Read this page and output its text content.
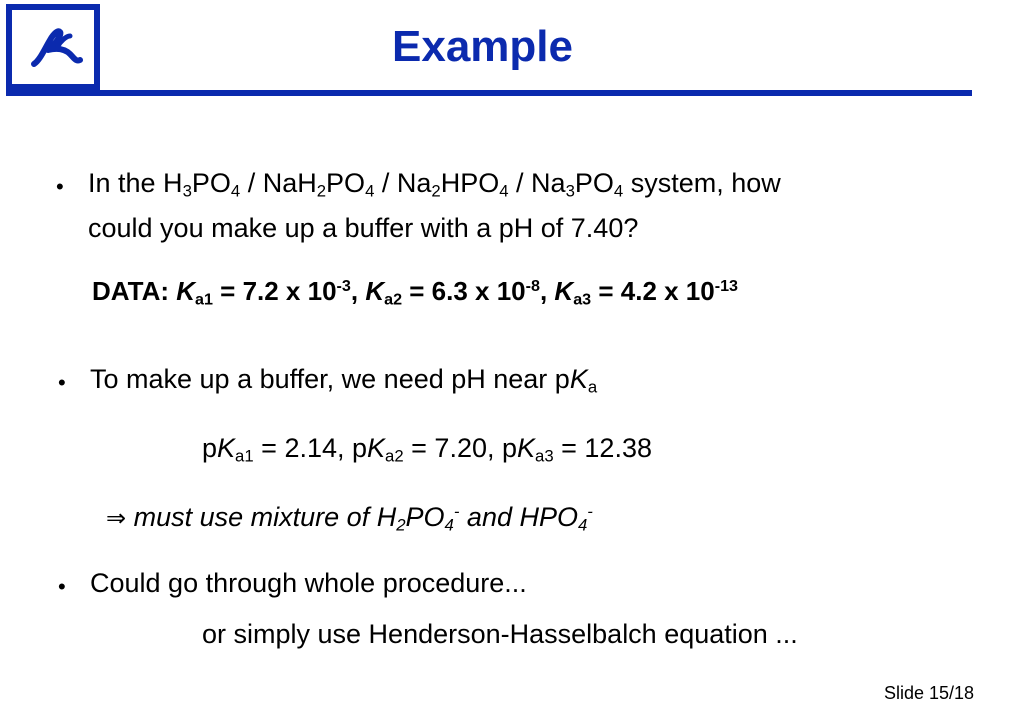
Example
• In the $H_3PO_4 / NaH_2PO_4 / Na_2HPO_4 / Na_3PO_4$ system, how
could you make up a buffer with a pH of 7.40?
DATA: $K_{a1} = 7.2$ x $10^{-3}$, $K_{a2} = 6.3$ x $10^{-8}$, $K_{a3} = 4.2$ x $10^{-13}$
• To make up a buffer, we need pH near $pK_a$
$pK_{a1} = 2.14$, $pK_{a2} = 7.20$, $pK_{a3} = 12.38$
⇒ must use mixture of $H_2PO_4^-$ and $HPO_4^-$
• Could go through whole procedure...
or simply use Henderson-Hasselbalch equation ...
Slide 15/18
